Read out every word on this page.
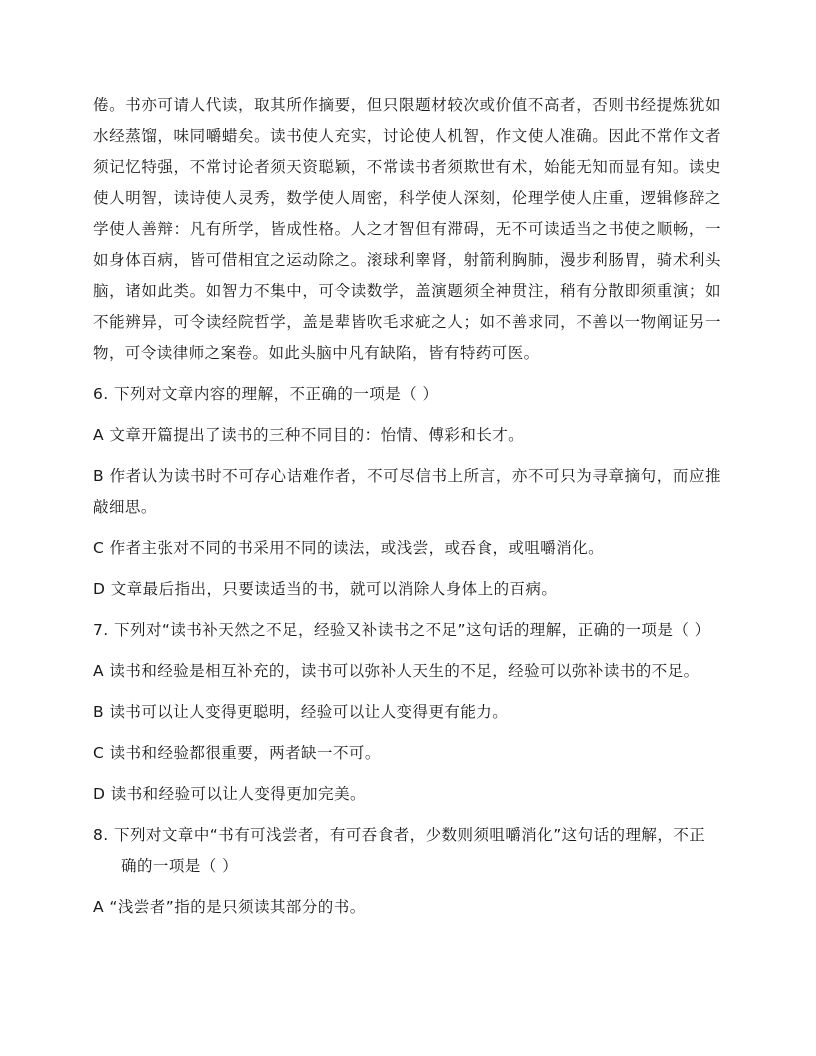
倦。书亦可请人代读，取其所作摘要，但只限题材较次或价值不高者，否则书经提炼犹如水经蒸馏，味同嚼蜡矣。读书使人充实，讨论使人机智，作文使人准确。因此不常作文者须记忆特强，不常讨论者须天资聪颖，不常读书者须欺世有术，始能无知而显有知。读史使人明智，读诗使人灵秀，数学使人周密，科学使人深刻，伦理学使人庄重，逻辑修辞之学使人善辩：凡有所学，皆成性格。人之才智但有滞碍，无不可读适当之书使之顺畅，一如身体百病，皆可借相宜之运动除之。滚球利睾肾，射箭利胸肺，漫步利肠胃，骑术利头脑，诸如此类。如智力不集中，可令读数学，盖演题须全神贯注，稍有分散即须重演；如不能辨异，可令读经院哲学，盖是辈皆吹毛求疵之人；如不善求同，不善以一物阐证另一物，可令读律师之案卷。如此头脑中凡有缺陷，皆有特药可医。

6. 下列对文章内容的理解，不正确的一项是（ ）

A 文章开篇提出了读书的三种不同目的：怡情、傅彩和长才。

B 作者认为读书时不可存心诘难作者，不可尽信书上所言，亦不可只为寻章摘句，而应推敲细思。

C 作者主张对不同的书采用不同的读法，或浅尝，或吞食，或咀嚼消化。

D 文章最后指出，只要读适当的书，就可以消除人身体上的百病。

7. 下列对“读书补天然之不足，经验又补读书之不足”这句话的理解，正确的一项是（ ）

A 读书和经验是相互补充的，读书可以弥补人天生的不足，经验可以弥补读书的不足。

B 读书可以让人变得更聪明，经验可以让人变得更有能力。

C 读书和经验都很重要，两者缺一不可。

D 读书和经验可以让人变得更加完美。

8. 下列对文章中“书有可浅尝者，有可吞食者，少数则须咀嚼消化”这句话的理解，不正确的一项是（ ）

A “浅尝者”指的是只须读其部分的书。
